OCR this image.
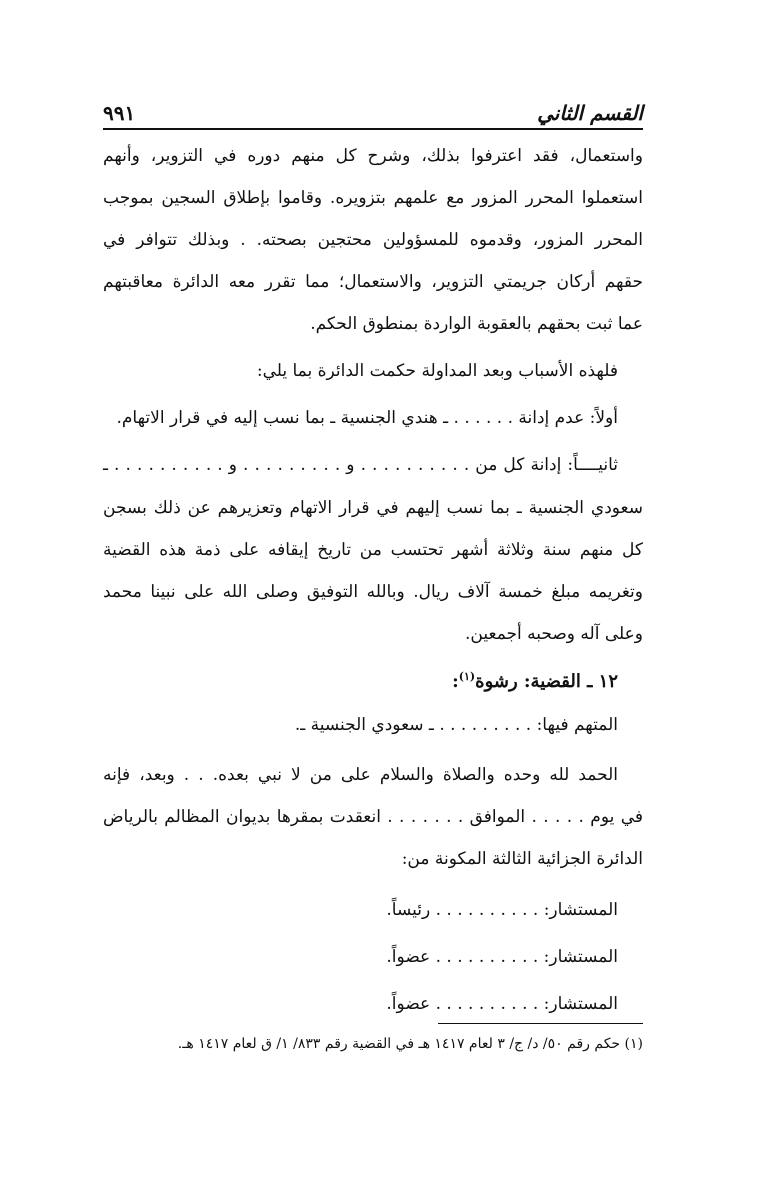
القسم الثاني
٩٩١
واستعمال، فقد اعترفوا بذلك، وشرح كل منهم دوره في التزوير، وأنهم
استعملوا المحرر المزور مع علمهم بتزويره. وقاموا بإطلاق السجين بموجب
المحرر المزور، وقدموه للمسؤولين محتجين بصحته. . وبذلك تتوافر في
حقهم أركان جريمتي التزوير، والاستعمال؛ مما تقرر معه الدائرة معاقبتهم
عما ثبت بحقهم بالعقوبة الواردة بمنطوق الحكم.
فلهذه الأسباب وبعد المداولة حكمت الدائرة بما يلي:
أولاً: عدم إدانة . . . . . . ـ هندي الجنسية ـ بما نسب إليه في قرار الاتهام.
ثانيــــاً: إدانة كل من . . . . . . . . . . و . . . . . . . . . و . . . . . . . . . . ـ
سعودي الجنسية ـ بما نسب إليهم في قرار الاتهام وتعزيرهم عن ذلك بسجن
كل منهم سنة وثلاثة أشهر تحتسب من تاريخ إيقافه على ذمة هذه القضية
وتغريمه مبلغ خمسة آلاف ريال. وبالله التوفيق وصلى الله على نبينا محمد
وعلى آله وصحبه أجمعين.
١٢ ـ القضية: رشوة$^{(١)}$:
المتهم فيها: . . . . . . . . . ـ سعودي الجنسية ـ.
الحمد لله وحده والصلاة والسلام على من لا نبي بعده. . . وبعد، فإنه
في يوم . . . . . الموافق . . . . . . . انعقدت بمقرها بديوان المظالم بالرياض
الدائرة الجزائية الثالثة المكونة من:
المستشار: . . . . . . . . . . رئيساً.
المستشار: . . . . . . . . . . عضواً.
المستشار: . . . . . . . . . . عضواً.
(١) حكم رقم ٥٠/ د/ ج/ ٣ لعام ١٤١٧ هـ في القضية رقم ٨٣٣/ ١/ ق لعام ١٤١٧ هـ.
